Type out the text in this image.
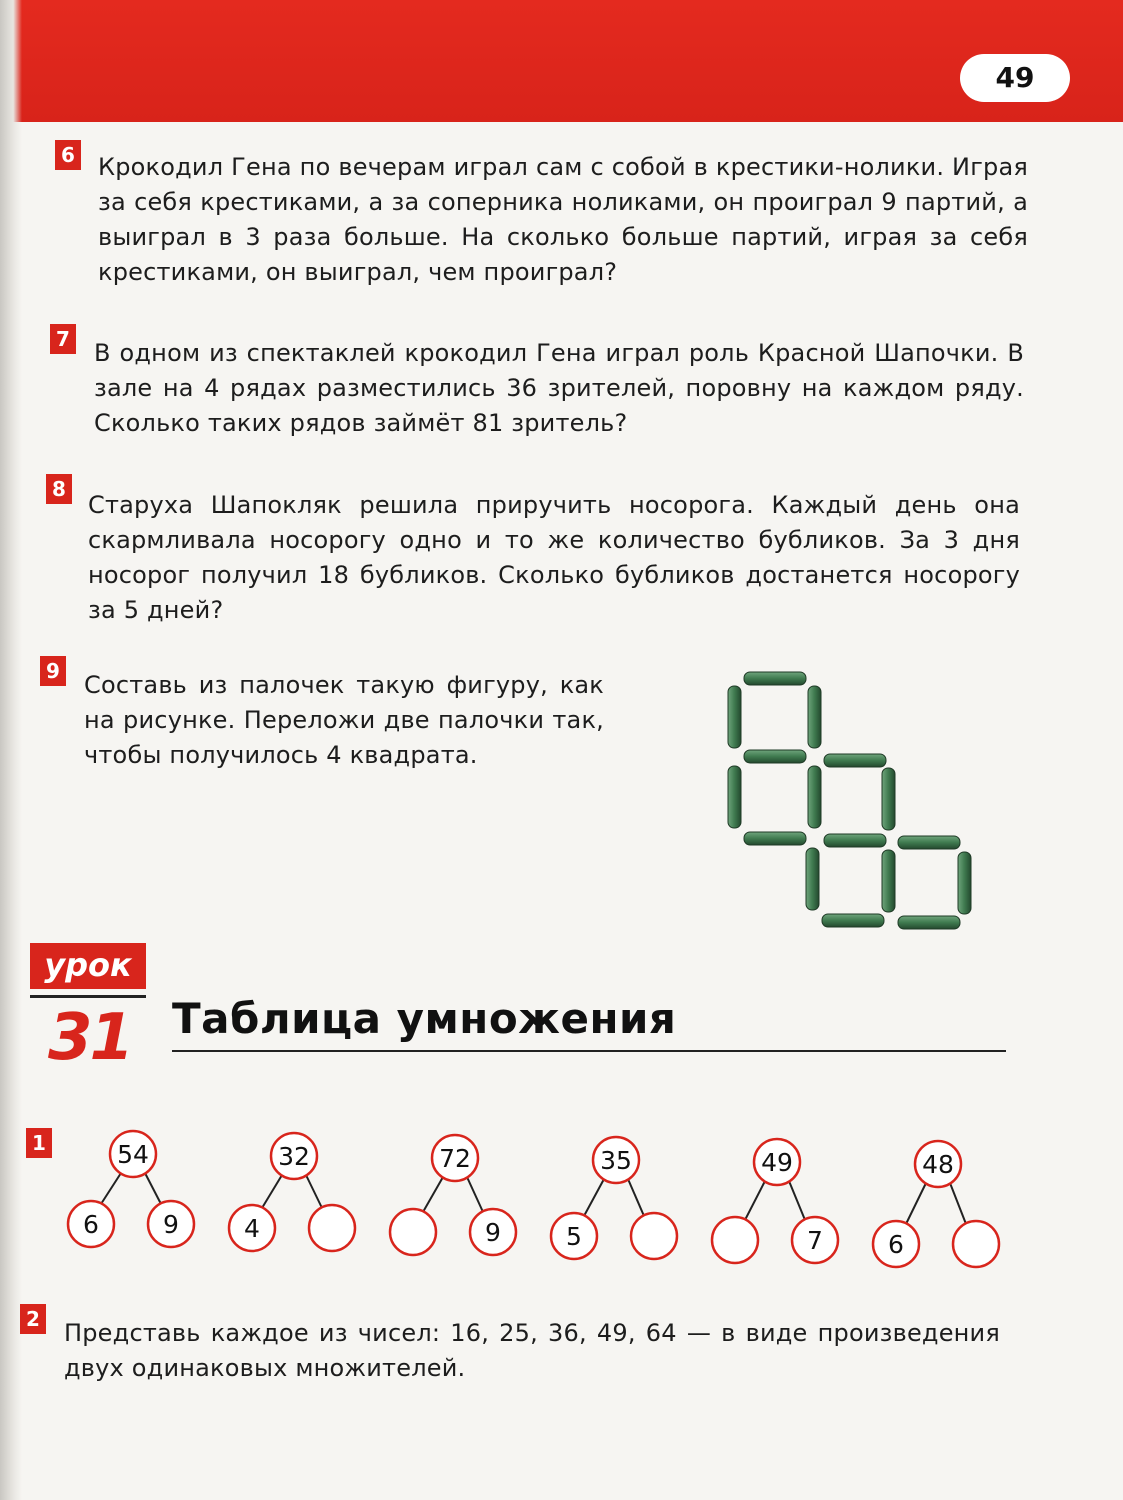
49
6 Крокодил Гена по вечерам играл сам с собой в крестики-нолики. Играя за себя крестиками, а за соперника ноликами, он проиграл 9 партий, а выиграл в 3 раза больше. На сколько больше партий, играя за себя крестиками, он выиграл, чем проиграл?
7 В одном из спектаклей крокодил Гена играл роль Красной Шапочки. В зале на 4 рядах разместились 36 зрителей, поровну на каждом ряду. Сколько таких рядов займёт 81 зритель?
8
Старуха Шапокляк решила приручить носорога. Каждый день она скармливала носорогу одно и то же количество бубликов. За 3 дня носорог получил 18 бубликов. Сколько бубликов достанется носорогу за 5 дней?
9 Составь из палочек такую фигуру, как на рисунке. Переложи две палочки так, чтобы получилось 4 квадрата.
урок
31 Таблица умножения
1	54
6	9
32
4
72
9
35
5
49
7
48
6
2 Представь каждое из чисел: 16, 25, 36, 49, 64 — в виде произведения двух одинаковых множителей.
